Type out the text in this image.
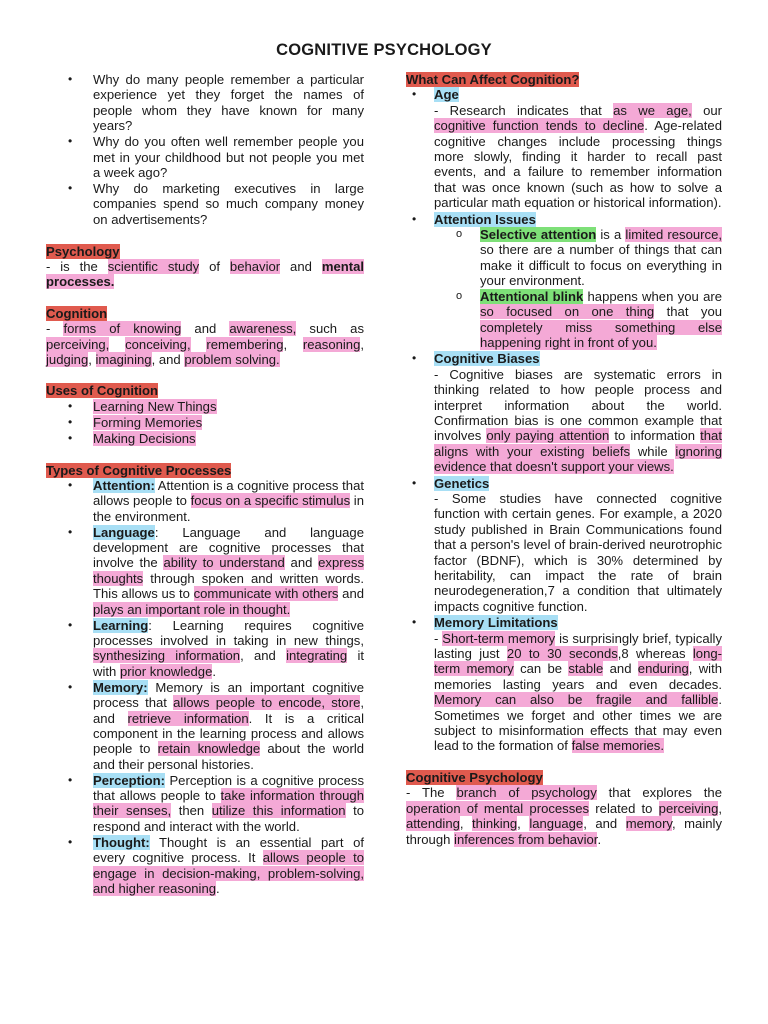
COGNITIVE PSYCHOLOGY
• Why do many people remember a particular experience yet they forget the names of people whom they have known for many years?
• Why do you often well remember people you met in your childhood but not people you met a week ago?
• Why do marketing executives in large companies spend so much company money on advertisements?

Psychology

- is the scientific study of behavior and mental processes.

Cognition

- forms of knowing and awareness, such as perceiving, conceiving, remembering, reasoning, judging, imagining, and problem solving.

Uses of Cognition

• Learning New Things
• Forming Memories
• Making Decisions

Types of Cognitive Processes

• Attention: Attention is a cognitive process that allows people to focus on a specific stimulus in the environment.
• Language: Language and language development are cognitive processes that involve the ability to understand and express thoughts through spoken and written words. This allows us to communicate with others and plays an important role in thought.
• Learning: Learning requires cognitive processes involved in taking in new things, synthesizing information, and integrating it with prior knowledge.
• Memory: Memory is an important cognitive process that allows people to encode, store, and retrieve information. It is a critical component in the learning process and allows people to retain knowledge about the world and their personal histories.
• Perception: Perception is a cognitive process that allows people to take information through their senses, then utilize this information to respond and interact with the world.
• Thought: Thought is an essential part of every cognitive process. It allows people to engage in decision-making, problem-solving, and higher reasoning.

What Can Affect Cognition?

• Age

- Research indicates that as we age, our cognitive function tends to decline. Age-related cognitive changes include processing things more slowly, finding it harder to recall past events, and a failure to remember information that was once known (such as how to solve a particular math equation or historical information).

• Attention Issues
o Selective attention is a limited resource, so there are a number of things that can make it difficult to focus on everything in your environment.
o Attentional blink happens when you are so focused on one thing that you completely miss something else happening right in front of you.
• Cognitive Biases

- Cognitive biases are systematic errors in thinking related to how people process and interpret information about the world. Confirmation bias is one common example that involves only paying attention to information that aligns with your existing beliefs while ignoring evidence that doesn't support your views.

• Genetics

- Some studies have connected cognitive function with certain genes. For example, a 2020 study published in Brain Communications found that a person's level of brain-derived neurotrophic factor (BDNF), which is 30% determined by heritability, can impact the rate of brain neurodegeneration,7 a condition that ultimately impacts cognitive function.

• Memory Limitations

- Short-term memory is surprisingly brief, typically lasting just 20 to 30 seconds,8 whereas long-term memory can be stable and enduring, with memories lasting years and even decades. Memory can also be fragile and fallible. Sometimes we forget and other times we are subject to misinformation effects that may even lead to the formation of false memories.

Cognitive Psychology

- The branch of psychology that explores the operation of mental processes related to perceiving, attending, thinking, language, and memory, mainly through inferences from behavior.
